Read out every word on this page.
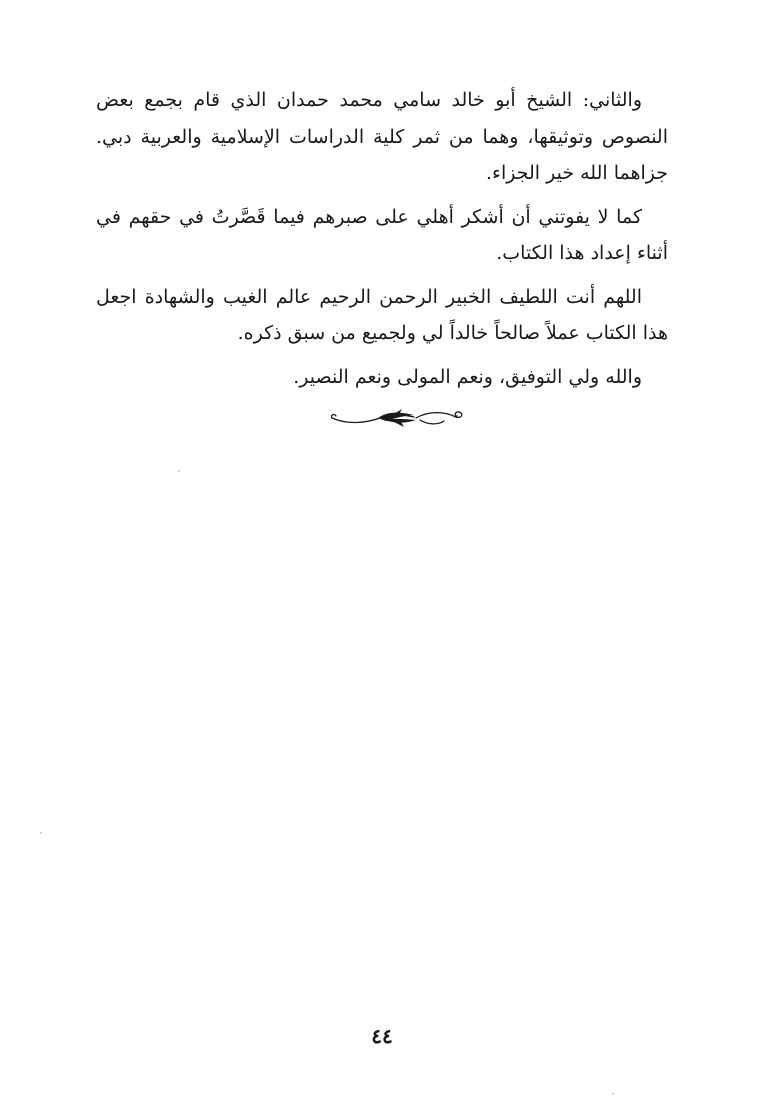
والثاني: الشيخ أبو خالد سامي محمد حمدان الذي قام بجمع بعض النصوص وتوثيقها، وهما من ثمر كلية الدراسات الإسلامية والعربية دبي. جزاهما الله خير الجزاء.

كما لا يفوتني أن أشكر أهلي على صبرهم فيما قَصَّرتُ في حقهم في أثناء إعداد هذا الكتاب.

اللهم أنت اللطيف الخبير الرحمن الرحيم عالم الغيب والشهادة اجعل هذا الكتاب عملاً صالحاً خالداً لي ولجميع من سبق ذكره.

والله ولي التوفيق، ونعم المولى ونعم النصير.

٤٤
